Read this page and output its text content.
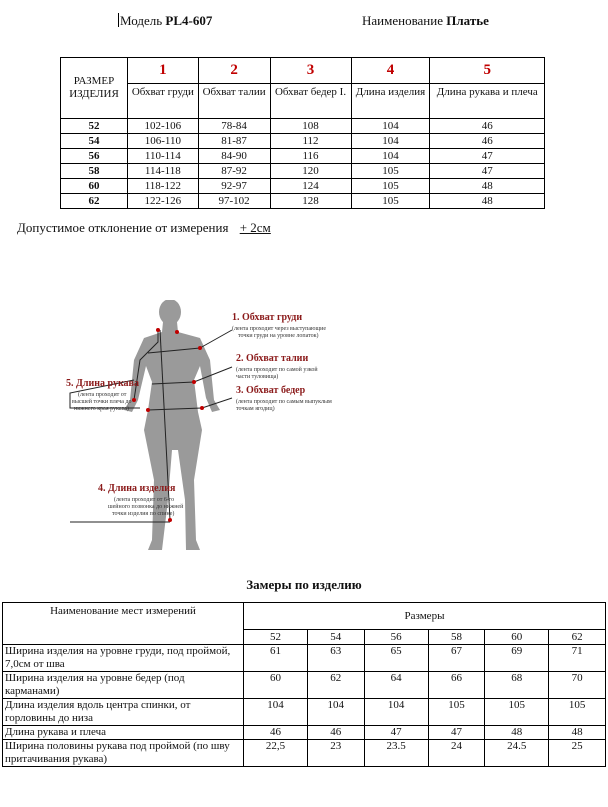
Модель PL4-607	Наименование Платье
РАЗМЕР ИЗДЕЛИЯ	1	2	3	4	5
	Обхват груди	Обхват талии	Обхват бедер I.	Длина изделия	Длина рукава и плеча
52	102-106	78-84	108	104	46
54	106-110	81-87	112	104	46
56	110-114	84-90	116	104	47
58	114-118	87-92	120	105	47
60	118-122	92-97	124	105	48
62	122-126	97-102	128	105	48
Допустимое отклонение от измерения + 2см
1. Обхват груди
(лента проходит через выступающие
точки груди на уровне лопаток)
2. Обхват талии
(лента проходит по самой узкой
части туловища)
3. Обхват бедер
(лента проходит по самым выпуклым
точкам ягодиц)
4. Длина изделия
(лента проходит от 6-го
шейного позвонка до нижней
точки изделия по спине)
5. Длина рукава
(лента проходит от
высшей точки плеча до
нижнего края рукава)
Замеры по изделию
Наименование мест измерений	Размеры					
	52	54	56	58	60	62
Ширина изделия на уровне груди, под проймой, 7,0см от шва	61	63	65	67	69	71
Ширина изделия на уровне бедер (под карманами)	60	62	64	66	68	70
Длина изделия вдоль центра спинки, от горловины до низа	104	104	104	105	105	105
Длина рукава и плеча	46	46	47	47	48	48
Ширина половины рукава под проймой (по шву притачивания рукава)	22,5	23	23.5	24	24.5	25
